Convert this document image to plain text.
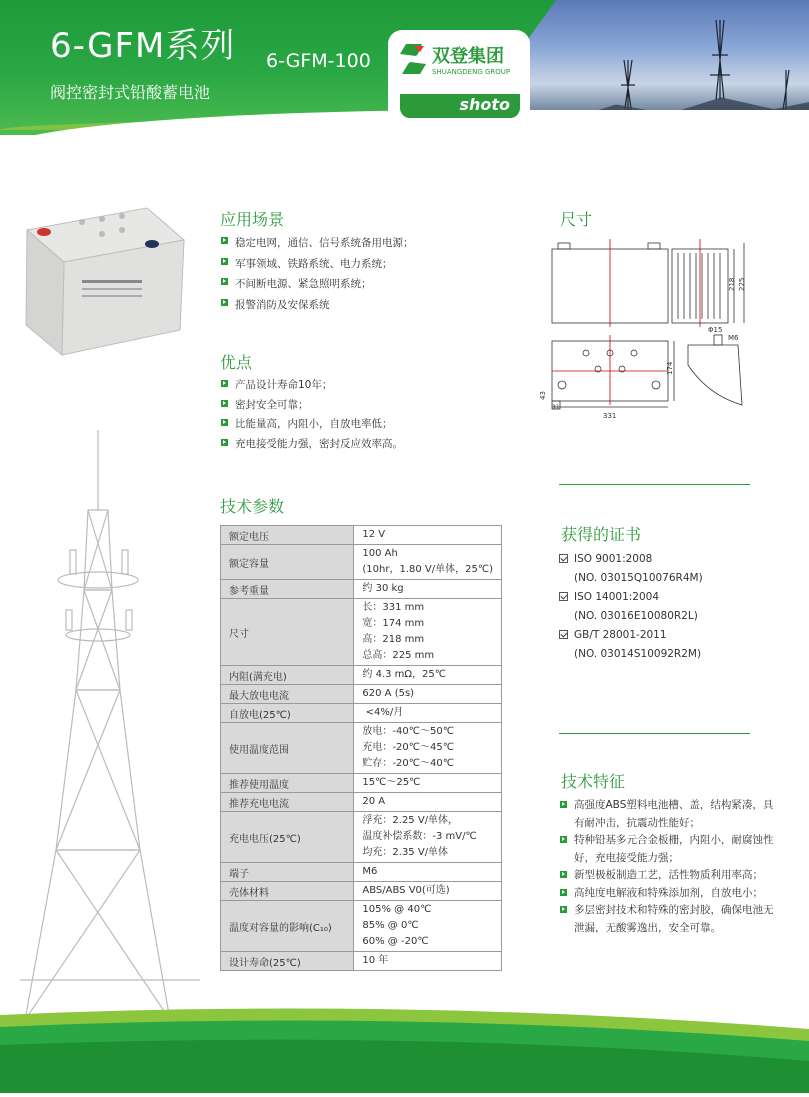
6-GFM系列
阀控密封式铅酸蓄电池
6-GFM-100	双登集团
SHUANGDENG GROUP
shoto
应用场景
稳定电网，通信、信号系统备用电源；
军事领域、铁路系统、电力系统；
不间断电源、紧急照明系统；
报警消防及安保系统
优点
产品设计寿命10年；
密封安全可靠；
比能量高，内阻小，自放电率低；
充电接受能力强，密封反应效率高。
尺寸
218 225
174
331
43
31
Φ15
M6
技术参数
额定电压	12 V

额定容量	100 Ah
(10hr，1.80 V/单体，25℃)

参考重量	约 30 kg

尺寸	长：331 mm
宽：174 mm
高：218 mm
总高：225 mm

内阻(满充电)	约 4.3 mΩ，25℃

最大放电电流	620 A (5s)

自放电(25℃)	<4%/月

使用温度范围	放电：-40℃～50℃
充电：-20℃～45℃
贮存：-20℃～40℃

推荐使用温度	15℃～25℃

推荐充电电流	20 A

充电电压(25℃)	浮充：2.25 V/单体，
温度补偿系数：-3 mV/℃
均充：2.35 V/单体

端子	M6

壳体材料	ABS/ABS V0(可选)

温度对容量的影响(C₁₀)	105% @ 40℃
85% @ 0℃
60% @ -20℃

设计寿命(25℃)	10 年
获得的证书
ISO 9001:2008
(NO. 03015Q10076R4M)
ISO 14001:2004
(NO. 03016E10080R2L)
GB/T 28001-2011
(NO. 03014S10092R2M)
技术特征
高强度ABS塑料电池槽、盖，结构紧凑，具有耐冲击，抗震动性能好；
特种铅基多元合金板栅，内阻小，耐腐蚀性好，充电接受能力强；
新型极板制造工艺，活性物质利用率高；
高纯度电解液和特殊添加剂，自放电小；
多层密封技术和特殊的密封胶，确保电池无泄漏，无酸雾逸出，安全可靠。
